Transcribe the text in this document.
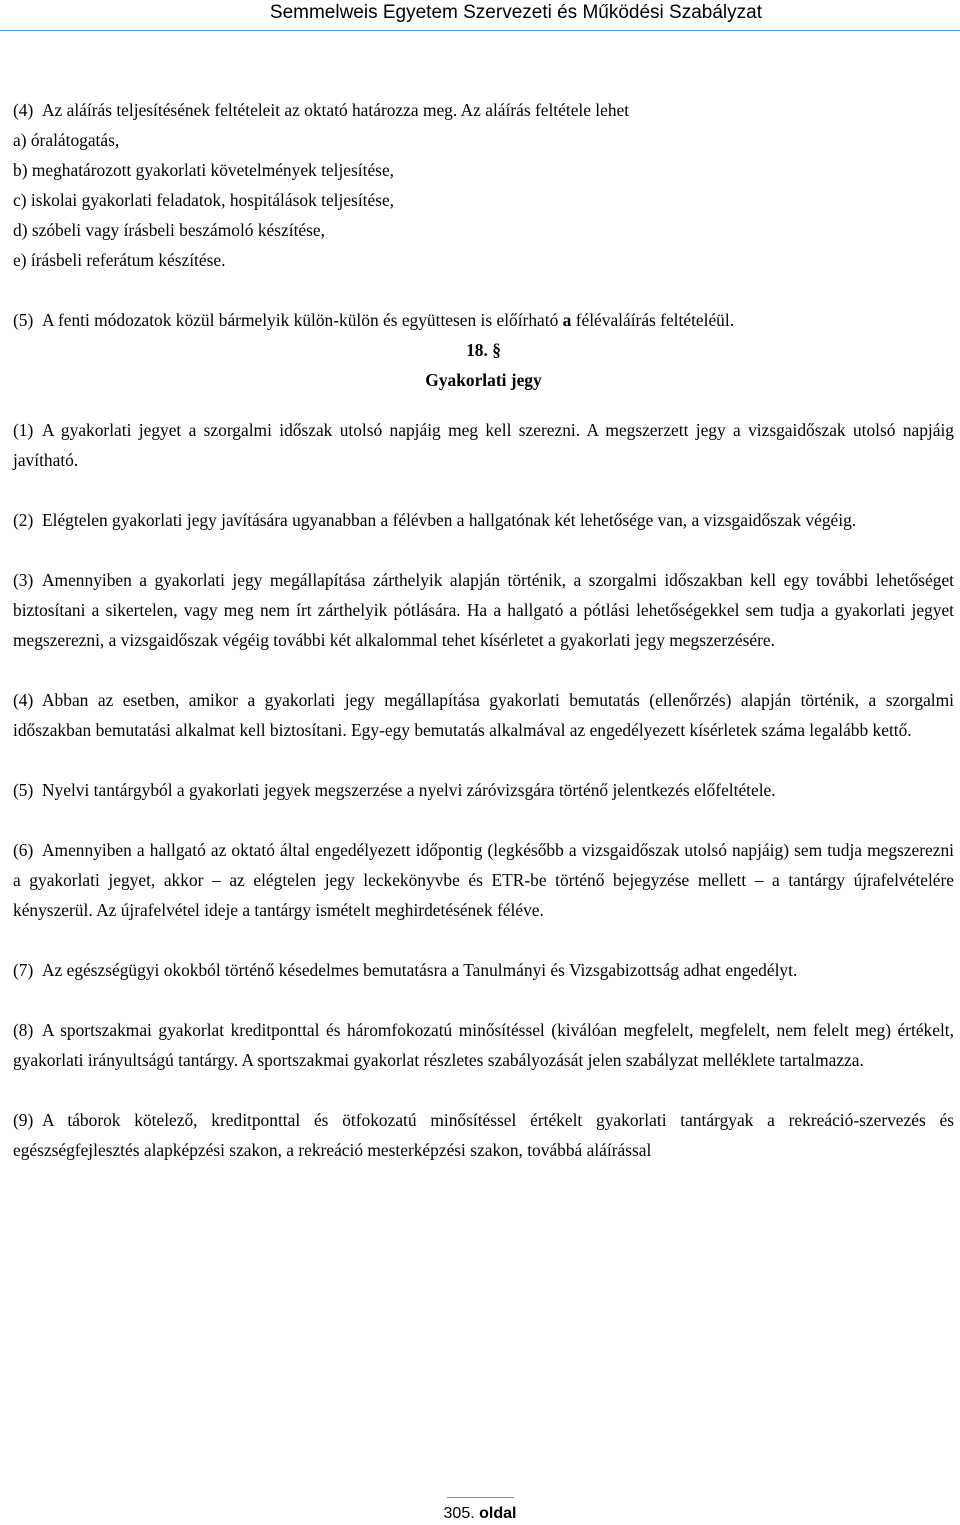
Semmelweis Egyetem Szervezeti és Működési Szabályzat

(4) Az aláírás teljesítésének feltételeit az oktató határozza meg. Az aláírás feltétele lehet

a) óralátogatás,
b) meghatározott gyakorlati követelmények teljesítése,
c) iskolai gyakorlati feladatok, hospitálások teljesítése,
d) szóbeli vagy írásbeli beszámoló készítése,
e) írásbeli referátum készítése.

(5) A fenti módozatok közül bármelyik külön-külön és együttesen is előírható a félévaláírás feltételéül.

18. §

Gyakorlati jegy

(1) A gyakorlati jegyet a szorgalmi időszak utolsó napjáig meg kell szerezni. A megszerzett jegy a vizsgaidőszak utolsó napjáig javítható.

(2) Elégtelen gyakorlati jegy javítására ugyanabban a félévben a hallgatónak két lehetősége van, a vizsgaidőszak végéig.

(3) Amennyiben a gyakorlati jegy megállapítása zárthelyik alapján történik, a szorgalmi időszakban kell egy további lehetőséget biztosítani a sikertelen, vagy meg nem írt zárthelyik pótlására. Ha a hallgató a pótlási lehetőségekkel sem tudja a gyakorlati jegyet megszerezni, a vizsgaidőszak végéig további két alkalommal tehet kísérletet a gyakorlati jegy megszerzésére.

(4) Abban az esetben, amikor a gyakorlati jegy megállapítása gyakorlati bemutatás (ellenőrzés) alapján történik, a szorgalmi időszakban bemutatási alkalmat kell biztosítani. Egy-egy bemutatás alkalmával az engedélyezett kísérletek száma legalább kettő.

(5) Nyelvi tantárgyból a gyakorlati jegyek megszerzése a nyelvi záróvizsgára történő jelentkezés előfeltétele.

(6) Amennyiben a hallgató az oktató által engedélyezett időpontig (legkésőbb a vizsgaidőszak utolsó napjáig) sem tudja megszerezni a gyakorlati jegyet, akkor – az elégtelen jegy leckekönyvbe és ETR-be történő bejegyzése mellett – a tantárgy újrafelvételére kényszerül. Az újrafelvétel ideje a tantárgy ismételt meghirdetésének féléve.

(7) Az egészségügyi okokból történő késedelmes bemutatásra a Tanulmányi és Vizsgabizottság adhat engedélyt.

(8) A sportszakmai gyakorlat kreditponttal és háromfokozatú minősítéssel (kiválóan megfelelt, megfelelt, nem felelt meg) értékelt, gyakorlati irányultságú tantárgy. A sportszakmai gyakorlat részletes szabályozását jelen szabályzat melléklete tartalmazza.

(9) A táborok kötelező, kreditponttal és ötfokozatú minősítéssel értékelt gyakorlati tantárgyak a rekreáció-szervezés és egészségfejlesztés alapképzési szakon, a rekreáció mesterképzési szakon, továbbá aláírással

305. oldal
